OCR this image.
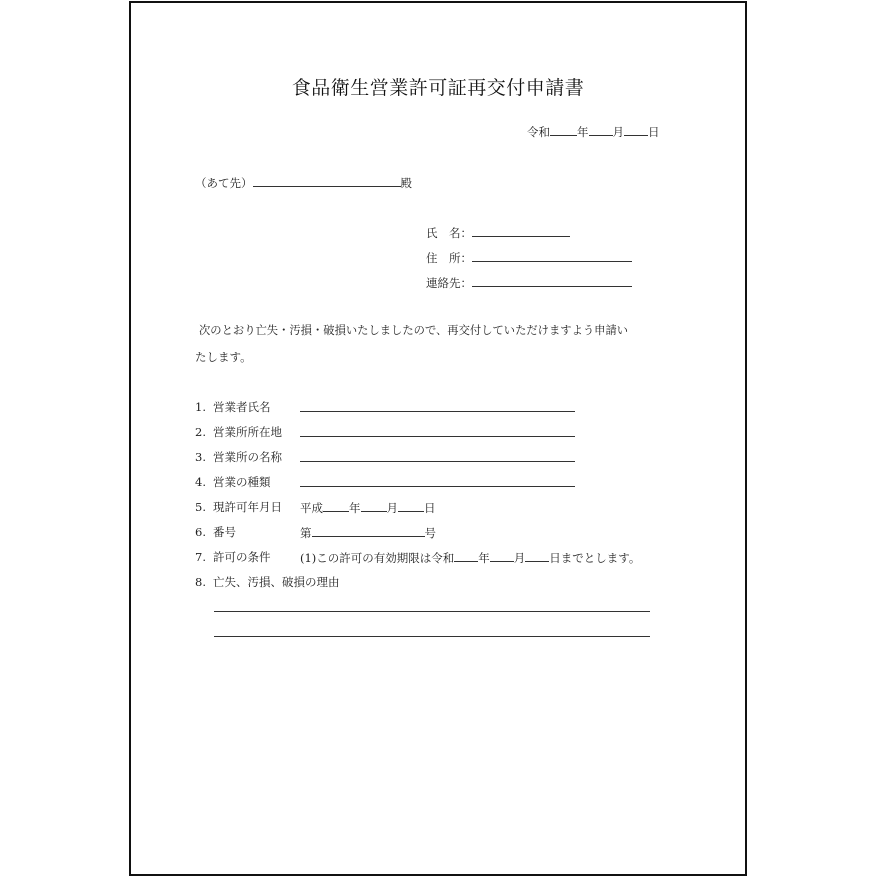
食品衛生営業許可証再交付申請書
令和 年 月 日
（あて先）	殿
氏　名：
住　所：
連絡先：
次のとおり亡失・汚損・破損いたしましたので、再交付していただけますよう申請い
たします。
1. 営業者氏名
2. 営業所所在地
3. 営業所の名称
4. 営業の種類
5. 現許可年月日 平成 年 月 日
6. 番号	第	号
7. 許可の条件	(1)この許可の有効期限は令和 年 月 日までとします。
8. 亡失、汚損、破損の理由
